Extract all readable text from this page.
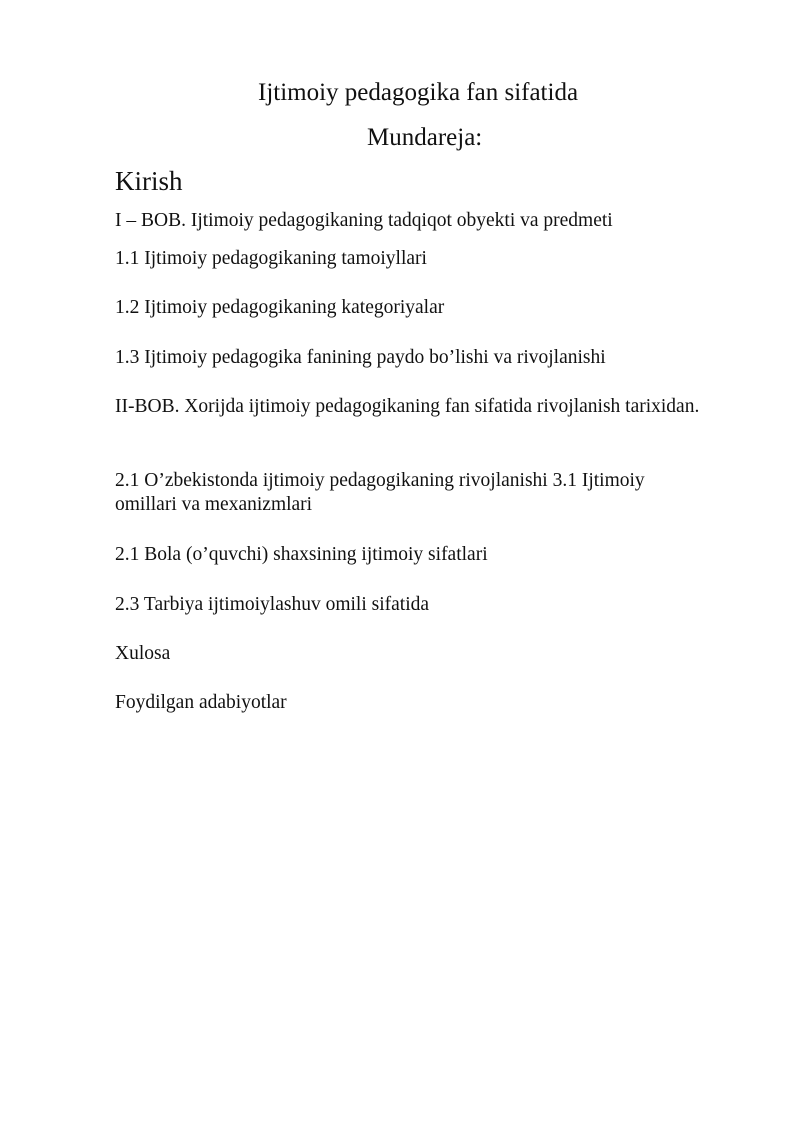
Ijtimoiy pedagogika fan sifatida
Mundareja:
Kirish
I – BOB. Ijtimoiy pedagogikaning tadqiqot obyekti va predmeti
1.1 Ijtimoiy pedagogikaning tamoiyllari
1.2 Ijtimoiy pedagogikaning kategoriyalar
1.3 Ijtimoiy pedagogika fanining paydo bo’lishi va rivojlanishi
II-BOB. Xorijda ijtimoiy pedagogikaning fan sifatida rivojlanish tarixidan.
2.1 O’zbekistonda ijtimoiy pedagogikaning rivojlanishi 3.1 Ijtimoiy omillari va mexanizmlari
2.1 Bola (o’quvchi) shaxsining ijtimoiy sifatlari
2.3 Tarbiya ijtimoiylashuv omili sifatida
Xulosa
Foydilgan adabiyotlar
